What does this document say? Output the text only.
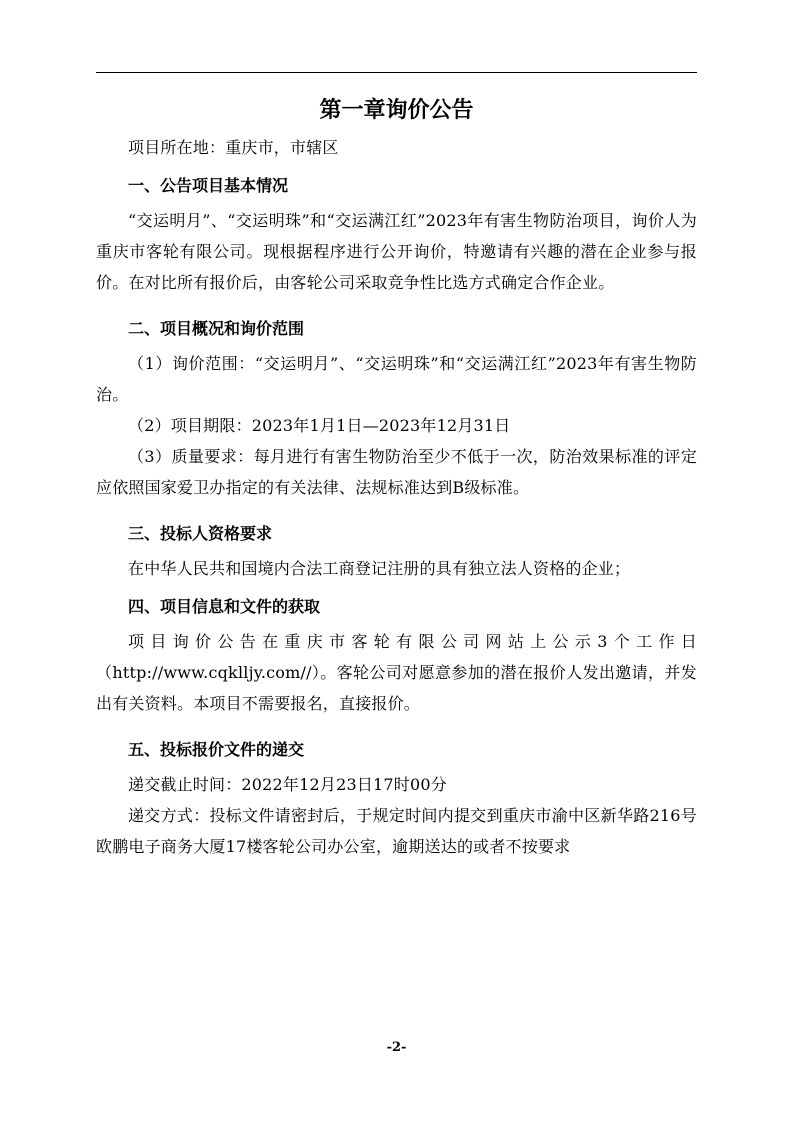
第一章询价公告

项目所在地：重庆市，市辖区

一、公告项目基本情况

“交运明月”、“交运明珠”和“交运满江红”2023年有害生物防治项目，询价人为重庆市客轮有限公司。现根据程序进行公开询价，特邀请有兴趣的潜在企业参与报价。在对比所有报价后，由客轮公司采取竞争性比选方式确定合作企业。

二、项目概况和询价范围

（1）询价范围：“交运明月”、“交运明珠”和“交运满江红”2023年有害生物防治。

（2）项目期限：2023年1月1日—2023年12月31日

（3）质量要求：每月进行有害生物防治至少不低于一次，防治效果标准的评定应依照国家爱卫办指定的有关法律、法规标准达到B级标准。

三、投标人资格要求

在中华人民共和国境内合法工商登记注册的具有独立法人资格的企业；

四、项目信息和文件的获取

项目询价公告在重庆市客轮有限公司网站上公示3个工作日（http://www.cqklljy.com//）。客轮公司对愿意参加的潜在报价人发出邀请，并发出有关资料。本项目不需要报名，直接报价。

五、投标报价文件的递交

递交截止时间：2022年12月23日17时00分

递交方式：投标文件请密封后，于规定时间内提交到重庆市渝中区新华路216号欧鹏电子商务大厦17楼客轮公司办公室，逾期送达的或者不按要求

-2-
